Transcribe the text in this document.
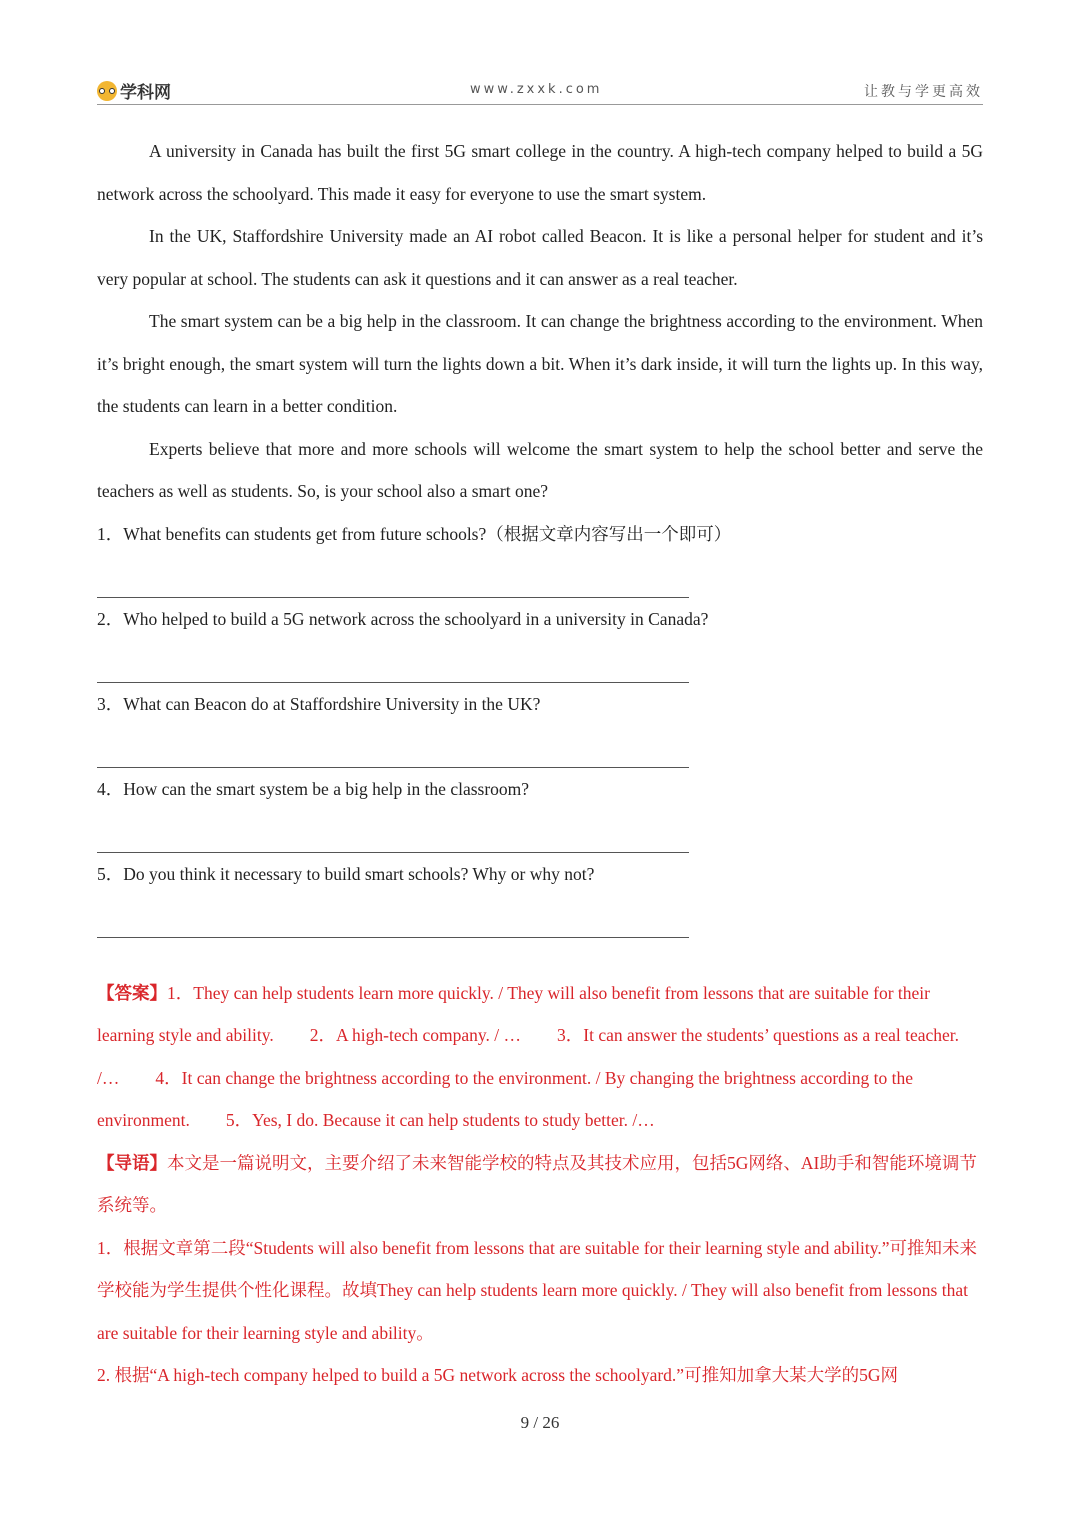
学科网	www.zxxk.com	让教与学更高效

A university in Canada has built the first 5G smart college in the country. A high-tech company helped to build a 5G network across the schoolyard. This made it easy for everyone to use the smart system.

In the UK, Staffordshire University made an AI robot called Beacon. It is like a personal helper for student and it’s very popular at school. The students can ask it questions and it can answer as a real teacher.

The smart system can be a big help in the classroom. It can change the brightness according to the environment. When it’s bright enough, the smart system will turn the lights down a bit. When it’s dark inside, it will turn the lights up. In this way, the students can learn in a better condition.

Experts believe that more and more schools will welcome the smart system to help the school better and serve the teachers as well as students. So, is your school also a smart one?

1．What benefits can students get from future schools?（根据文章内容写出一个即可）

2．Who helped to build a 5G network across the schoolyard in a university in Canada?

3．What can Beacon do at Staffordshire University in the UK?

4．How can the smart system be a big help in the classroom?

5．Do you think it necessary to build smart schools? Why or why not?

【答案】1．They can help students learn more quickly. / They will also benefit from lessons that are suitable for their learning style and ability. 2．A high-tech company. / … 3．It can answer the students’ questions as a real teacher. /… 4．It can change the brightness according to the environment. / By changing the brightness according to the environment. 5．Yes, I do. Because it can help students to study better. /…

【导语】本文是一篇说明文，主要介绍了未来智能学校的特点及其技术应用，包括5G网络、AI助手和智能环境调节系统等。

1．根据文章第二段“Students will also benefit from lessons that are suitable for their learning style and ability.”可推知未来学校能为学生提供个性化课程。故填They can help students learn more quickly. / They will also benefit from lessons that are suitable for their learning style and ability。

2. 根据“A high-tech company helped to build a 5G network across the schoolyard.”可推知加拿大某大学的5G网

9 / 26
